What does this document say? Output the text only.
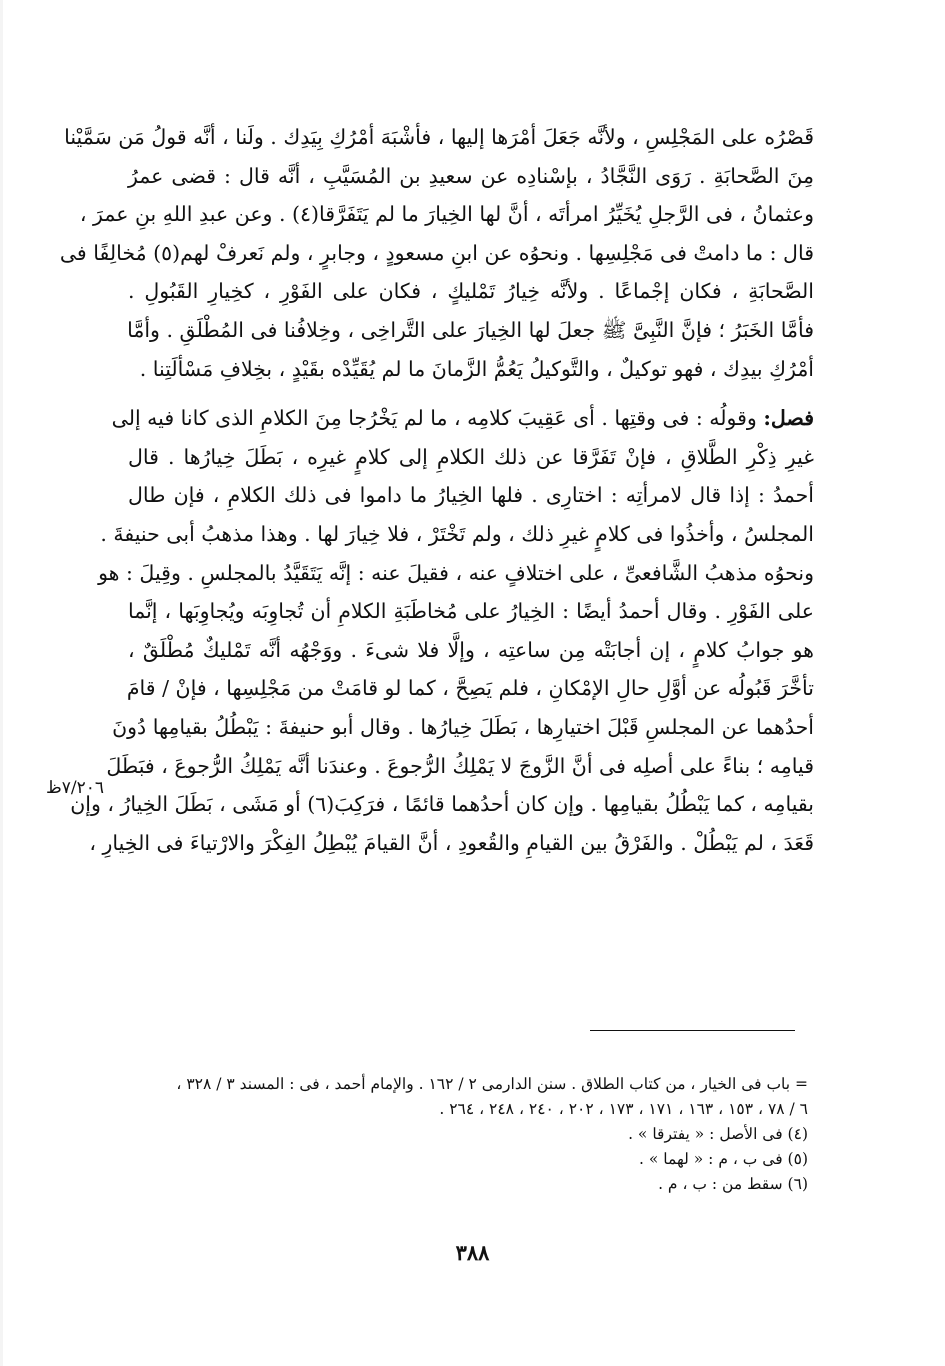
قَصْرُه على المَجْلِسِ ، ولأنَّه جَعَلَ أمْرَها إليها ، فأشْبَهَ أمْرُكِ بِيَدِك . ولَنا ، أنَّه قولُ مَن سَمَّيْنا
مِنَ الصَّحابَةِ . رَوَى النَّجَّادُ ، بإسْنادِه عن سعيدِ بن المُسَيَّبِ ، أنَّه قال : قضى عمرُ
وعثمانُ ، فى الرَّجلِ يُخَيِّرُ امرأتَه ، أنَّ لها الخِيارَ ما لم يَتَفَرَّقا(٤) . وعن عبدِ اللهِ بنِ عمرَ ،
قال : ما دامتْ فى مَجْلِسِها . ونحوُه عن ابنِ مسعودٍ ، وجابرٍ ، ولم نَعرفْ لهم(٥) مُخالِفًا فى
الصَّحابَةِ ، فكان إجْماعًا . ولأنَّه خِيارُ تَمْليكٍ ، فكان على الفَوْرِ ، كخِيارِ القَبُولِ .
فأمَّا الخَبَرُ ؛ فإنَّ النَّبِىَّ ﷺ جعلَ لها الخِيارَ على التَّراخِى ، وخِلافُنا فى المُطْلَقِ . وأمَّا
أمْرُكِ بيدِك ، فهو توكيلٌ ، والتَّوكيلُ يَعُمُّ الزَّمانَ ما لم يُقَيِّدْه بقَيْدٍ ، بخِلافِ مَسْألَتِنا .
فصل: وقولُه : فى وقتِها . أى عَقِيبَ كلامِه ، ما لم يَخْرُجا مِنَ الكلامِ الذى كانا فيه إلى
غيرِ ذِكْرِ الطَّلاقِ ، فإنْ تَفَرَّقا عن ذلك الكلامِ إلى كلامٍ غيرِه ، بَطَلَ خِيارُها . قال
أحمدُ : إذا قال لامرأتِه : اختارِى . فلها الخِيارُ ما داموا فى ذلك الكلامِ ، فإن طال
المجلسُ ، وأخذُوا فى كلامٍ غيرِ ذلك ، ولم تَخْتَرْ ، فلا خِيارَ لها . وهذا مذهبُ أبى حنيفةَ .
ونحوُه مذهبُ الشَّافعىِّ ، على اختلافٍ عنه ، فقيلَ عنه : إنَّه يَتَقَيَّدُ بالمجلسِ . وقِيلَ : هو
على الفَوْرِ . وقال أحمدُ أيضًا : الخِيارُ على مُخاطَبَةِ الكلامِ أن تُجاوِبَه ويُجاوِبَها ، إنَّما
هو جوابُ كلامٍ ، إن أجابَتْه مِن ساعتِه ، وإلَّا فلا شىءَ . ووَجْهُه أنَّه تَمْليكٌ مُطْلَقٌ ،
تأخَّرَ قَبُولُه عن أوَّلِ حالِ الإمْكانِ ، فلم يَصِحَّ ، كما لو قامَتْ من مَجْلِسِها ، فإنْ / قامَ
أحدُهما عن المجلسِ قَبْلَ اختيارِها ، بَطَلَ خِيارُها . وقال أبو حنيفةَ : يَبْطُلُ بقيامِها دُونَ
قيامِه ؛ بناءً على أصلِه فى أنَّ الزَّوجَ لا يَمْلِكُ الرُّجوعَ . وعندَنا أنَّه يَمْلِكُ الرُّجوعَ ، فبَطَلَ
بقيامِه ، كما يَبْطُلُ بقيامِها . وإن كان أحدُهما قائمًا ، فرَكِبَ(٦) أو مَشَى ، بَطَلَ الخِيارُ ، وإن
قَعَدَ ، لم يَبْطُلْ . والفَرْقُ بين القيامِ والقُعودِ ، أنَّ القيامَ يُبْطِلُ الفِكْرَ والارْتياءَ فى الخِيارِ ،
٧/٢٠٦ظ
= باب فى الخيار ، من كتاب الطلاق . سنن الدارمى ٢ / ١٦٢ . والإمام أحمد ، فى : المسند ٣ / ٣٢٨ ،
٦ / ٧٨ ، ١٥٣ ، ١٦٣ ، ١٧١ ، ١٧٣ ، ٢٠٢ ، ٢٤٠ ، ٢٤٨ ، ٢٦٤ .
(٤) فى الأصل : « يفترقا » .
(٥) فى ب ، م : « لهما » .
(٦) سقط من : ب ، م .
٣٨٨
